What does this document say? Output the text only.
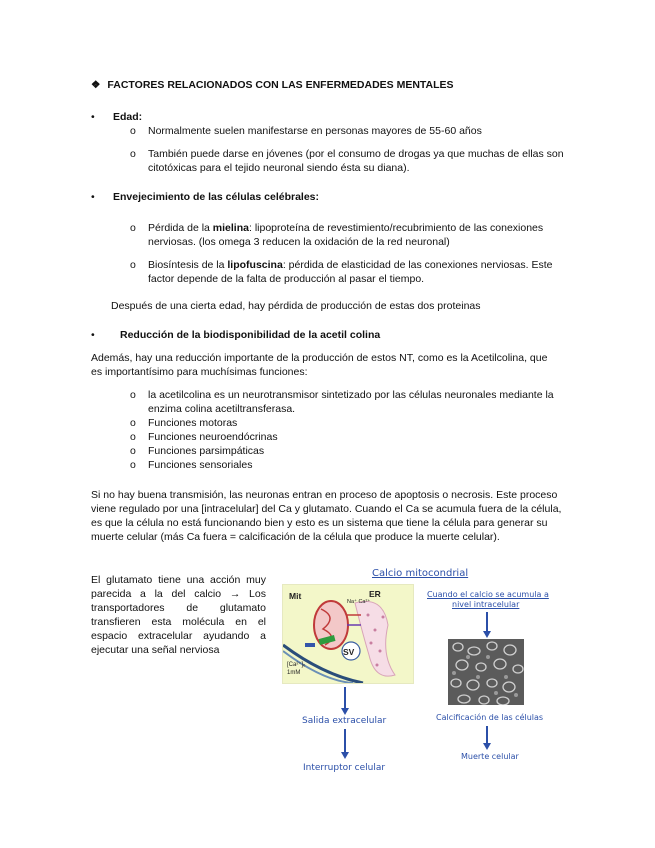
❖ FACTORES RELACIONADOS CON LAS ENFERMEDADES MENTALES
• Edad:
o Normalmente suelen manifestarse en personas mayores de 55-60 años
o También puede darse en jóvenes (por el consumo de drogas ya que muchas de ellas son
citotóxicas para el tejido neuronal siendo ésta su diana).
• Envejecimiento de las células celébrales:
o Pérdida de la mielina: lipoproteína de revestimiento/recubrimiento de las conexiones
nerviosas. (los omega 3 reducen la oxidación de la red neuronal)
o Biosíntesis de la lipofuscina: pérdida de elasticidad de las conexiones nerviosas. Este
factor depende de la falta de producción al pasar el tiempo.
Después de una cierta edad, hay pérdida de producción de estas dos proteinas
• Reducción de la biodisponibilidad de la acetil colina
Además, hay una reducción importante de la producción de estos NT, como es la Acetilcolina, que
es importantísimo para muchísimas funciones:
o la acetilcolina es un neurotransmisor sintetizado por las células neuronales mediante la
enzima colina acetiltransferasa.
o Funciones motoras
o Funciones neuroendócrinas
o Funciones parsimpáticas
o Funciones sensoriales
Si no hay buena transmisión, las neuronas entran en proceso de apoptosis o necrosis. Este proceso
viene regulado por una [intracelular] del Ca y glutamato. Cuando el Ca se acumula fuera de la célula,
es que la célula no está funcionando bien y esto es un sistema que tiene la célula para generar su
muerte celular (más Ca fuera = calcificación de la célula que produce la muerte celular).
El glutamato tiene una acción muy
parecida a la del calcio → Los
transportadores de glutamato
transfieren esta molécula en el
espacio extracelular ayudando a
ejecutar una señal nerviosa
Calcio mitocondrial
Mit	ER
Na⁺ Ca²⁺
SV
[Ca²⁺]ₑ
1mM
Salida extracelular
Interruptor celular
Cuando el calcio se acumula a
nivel intracelular
Calcificación de las células
Muerte celular
